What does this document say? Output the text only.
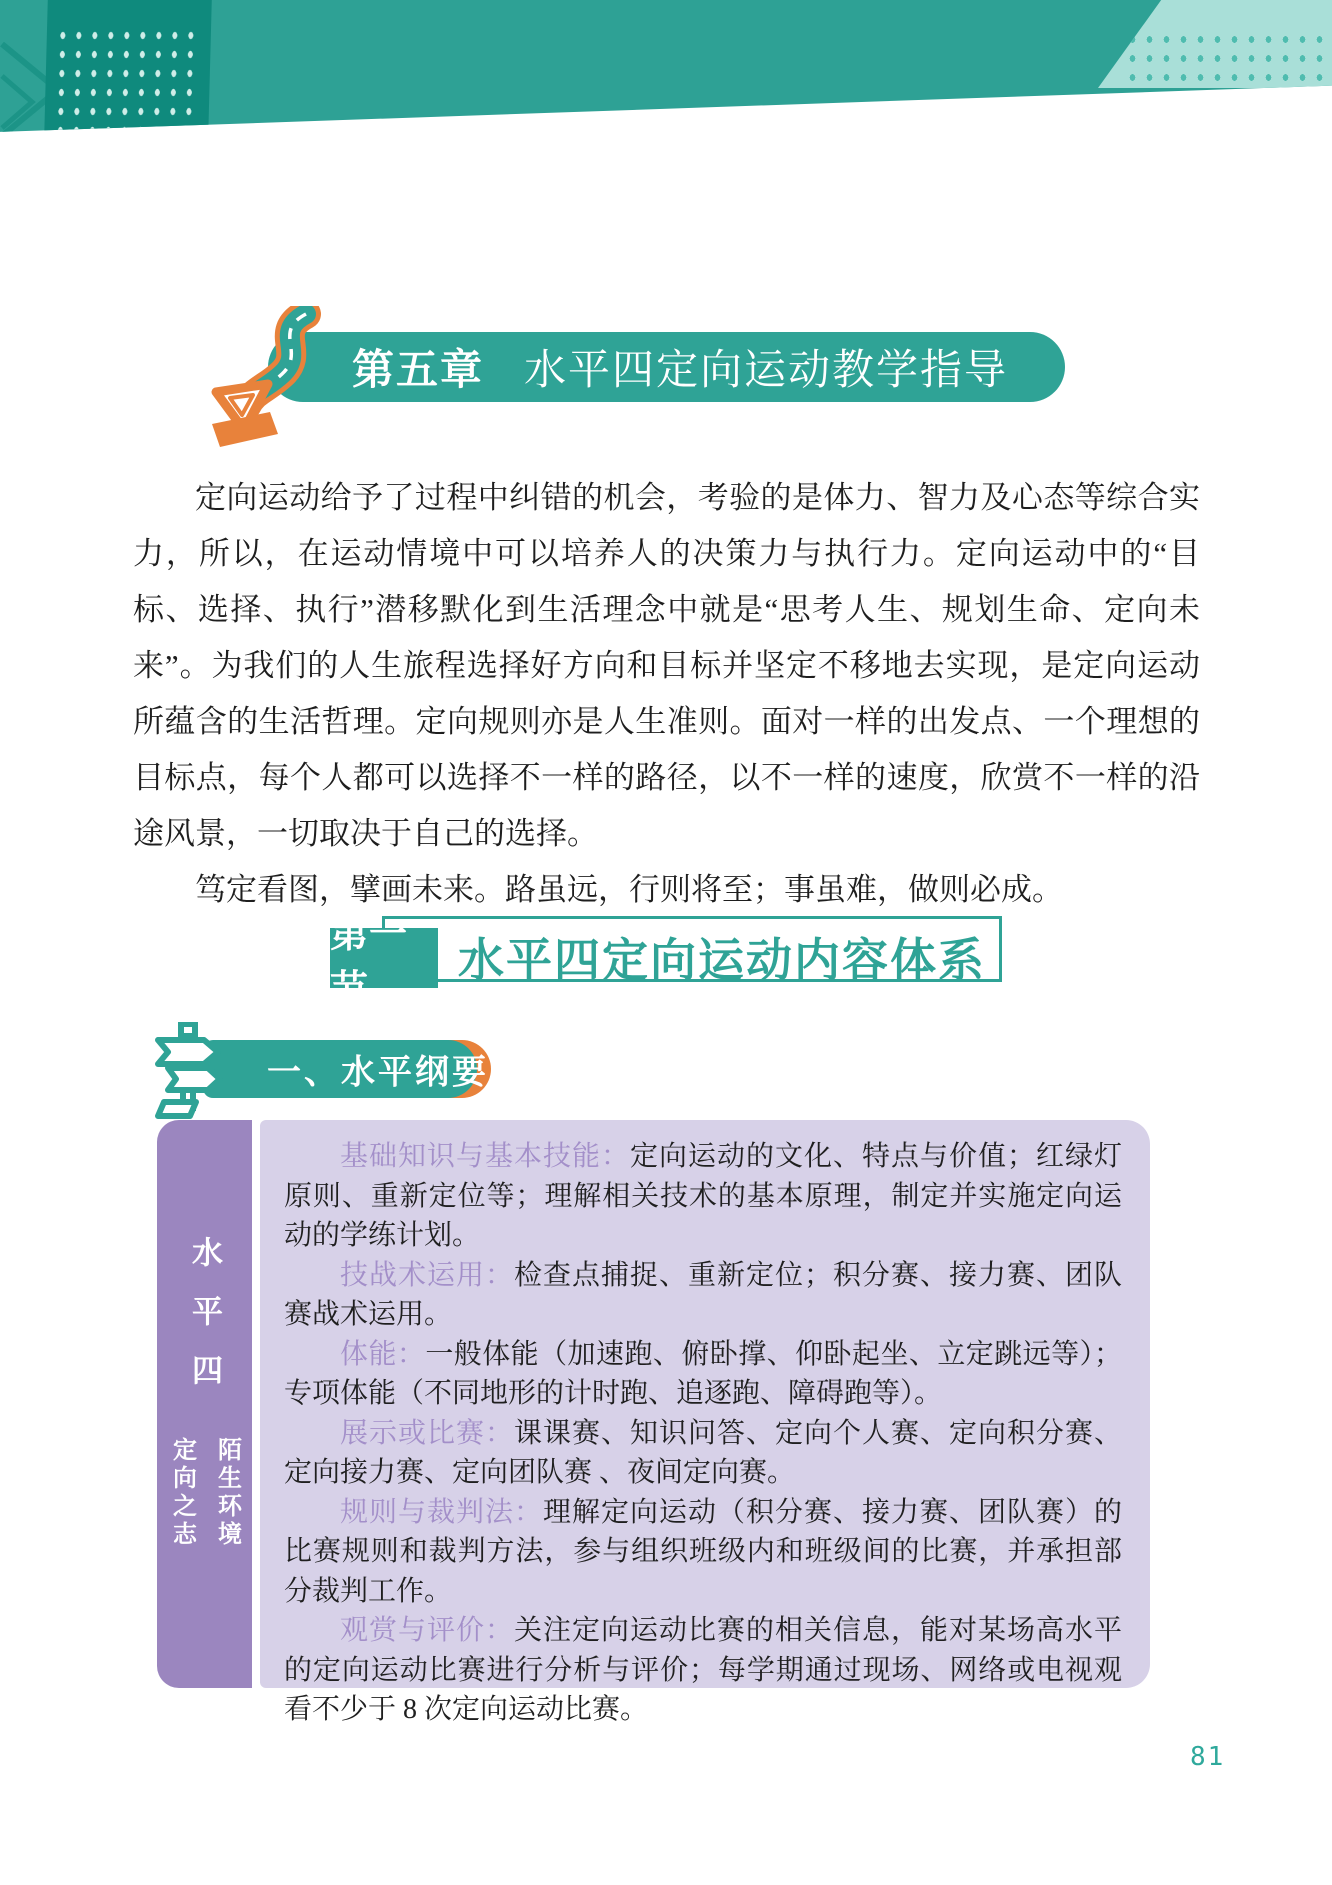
第五章 水平四定向运动教学指导

定向运动给予了过程中纠错的机会，考验的是体力、智力及心态等综合实力，所以，在运动情境中可以培养人的决策力与执行力。定向运动中的“目标、选择、执行”潜移默化到生活理念中就是“思考人生、规划生命、定向未来”。为我们的人生旅程选择好方向和目标并坚定不移地去实现，是定向运动所蕴含的生活哲理。定向规则亦是人生准则。面对一样的出发点、一个理想的目标点，每个人都可以选择不一样的路径，以不一样的速度，欣赏不一样的沿途风景，一切取决于自己的选择。

笃定看图，擘画未来。路虽远，行则将至；事虽难，做则必成。

第一节
水平四定向运动内容体系
一、水平纲要
水平四
定向之志 陌生环境

基础知识与基本技能：定向运动的文化、特点与价值；红绿灯原则、重新定位等；理解相关技术的基本原理，制定并实施定向运动的学练计划。

技战术运用：检查点捕捉、重新定位；积分赛、接力赛、团队赛战术运用。

体能：一般体能（加速跑、俯卧撑、仰卧起坐、立定跳远等）；专项体能（不同地形的计时跑、追逐跑、障碍跑等）。

展示或比赛：课课赛、知识问答、定向个人赛、定向积分赛、定向接力赛、定向团队赛 、夜间定向赛。

规则与裁判法：理解定向运动（积分赛、接力赛、团队赛）的比赛规则和裁判方法，参与组织班级内和班级间的比赛，并承担部分裁判工作。

观赏与评价：关注定向运动比赛的相关信息，能对某场高水平的定向运动比赛进行分析与评价；每学期通过现场、网络或电视观看不少于 8 次定向运动比赛。

81
